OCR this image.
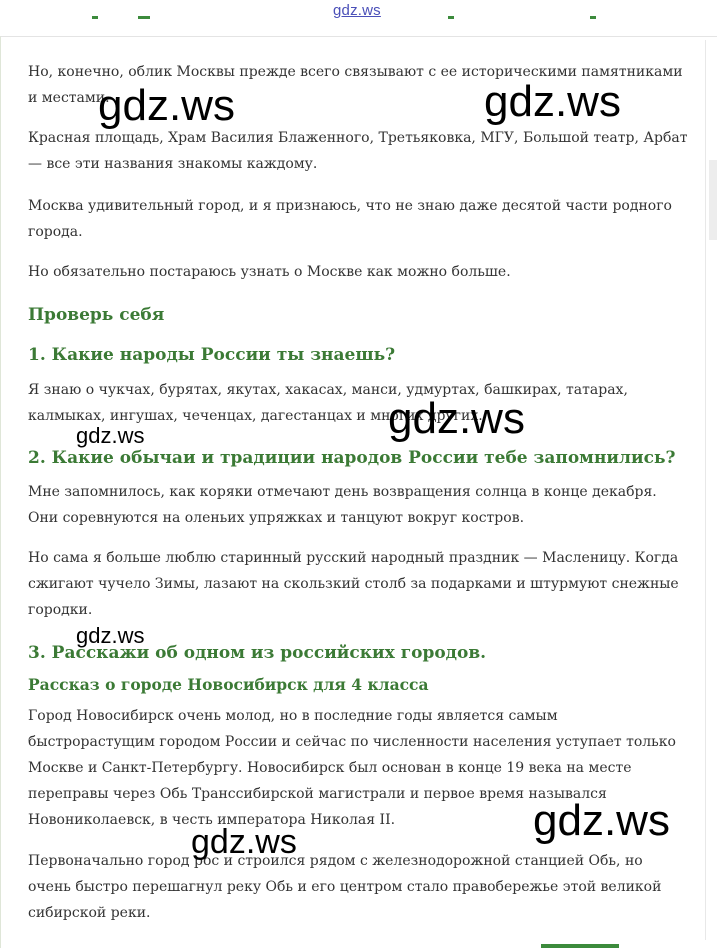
gdz.ws

Но, конечно, облик Москвы прежде всего связывают с ее историческими памятниками и местами.

Красная площадь, Храм Василия Блаженного, Третьяковка, МГУ, Большой театр, Арбат — все эти названия знакомы каждому.

Москва удивительный город, и я признаюсь, что не знаю даже десятой части родного города.

Но обязательно постараюсь узнать о Москве как можно больше.

Проверь себя
1. Какие народы России ты знаешь?

Я знаю о чукчах, бурятах, якутах, хакасах, манси, удмуртах, башкирах, татарах, калмыках, ингушах, чеченцах, дагестанцах и многих других.

2. Какие обычаи и традиции народов России тебе запомнились?

Мне запомнилось, как коряки отмечают день возвращения солнца в конце декабря. Они соревнуются на оленьих упряжках и танцуют вокруг костров.

Но сама я больше люблю старинный русский народный праздник — Масленицу. Когда сжигают чучело Зимы, лазают на скользкий столб за подарками и штурмуют снежные городки.

3. Расскажи об одном из российских городов.
Рассказ о городе Новосибирск для 4 класса

Город Новосибирск очень молод, но в последние годы является самым быстрорастущим городом России и сейчас по численности населения уступает только Москве и Санкт-Петербургу. Новосибирск был основан в конце 19 века на месте переправы через Обь Транссибирской магистрали и первое время назывался Новониколаевск, в честь императора Николая II.

Первоначально город рос и строился рядом с железнодорожной станцией Обь, но очень быстро перешагнул реку Обь и его центром стало правобережье этой великой сибирской реки.

gdz.ws	gdz.ws
gdz.ws
gdz.ws
gdz.ws
gdz.ws
gdz.ws
